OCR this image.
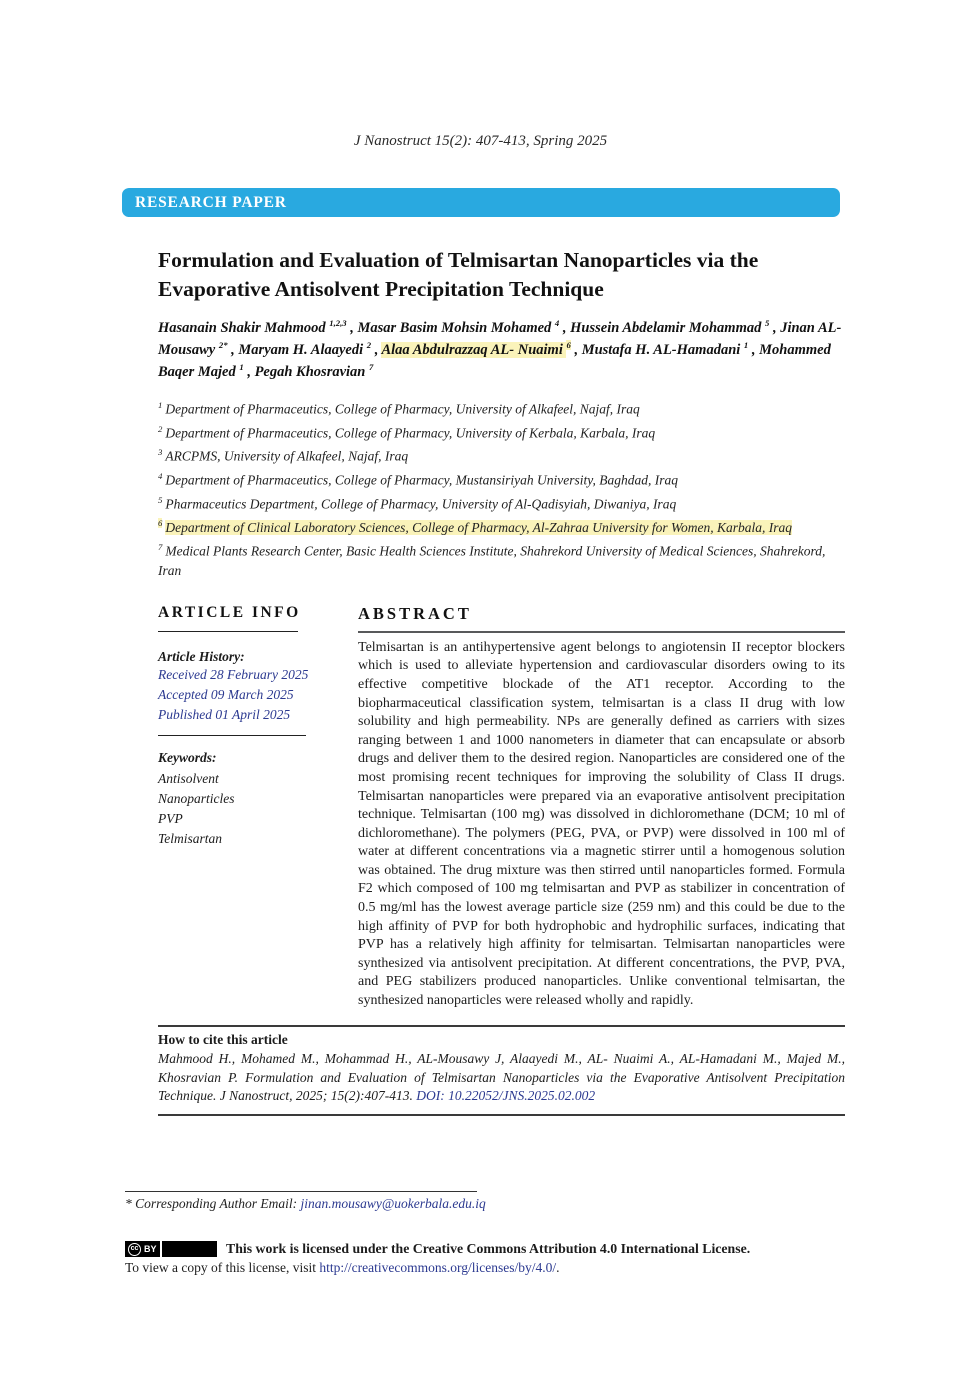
J Nanostruct 15(2): 407-413, Spring 2025
RESEARCH PAPER
Formulation and Evaluation of Telmisartan Nanoparticles via the Evaporative Antisolvent Precipitation Technique
Hasanain Shakir Mahmood $^{1,2,3}$ , Masar Basim Mohsin Mohamed $^4$ , Hussein Abdelamir Mohammad $^5$ , Jinan AL-Mousawy $^{2*}$ , Maryam H. Alaayedi $^2$ , Alaa Abdulrazzaq AL- Nuaimi $^6$ , Mustafa H. AL-Hamadani $^1$ , Mohammed Baqer Majed $^1$ , Pegah Khosravian $^7$
$^1$ Department of Pharmaceutics, College of Pharmacy, University of Alkafeel, Najaf, Iraq
$^2$ Department of Pharmaceutics, College of Pharmacy, University of Kerbala, Karbala, Iraq
$^3$ ARCPMS, University of Alkafeel, Najaf, Iraq
$^4$ Department of Pharmaceutics, College of Pharmacy, Mustansiriyah University, Baghdad, Iraq
$^5$ Pharmaceutics Department, College of Pharmacy, University of Al-Qadisyiah, Diwaniya, Iraq
$^6$ Department of Clinical Laboratory Sciences, College of Pharmacy, Al-Zahraa University for Women, Karbala, Iraq
$^7$ Medical Plants Research Center, Basic Health Sciences Institute, Shahrekord University of Medical Sciences, Shahrekord, Iran
ARTICLE INFO
Article History:
Received 28 February 2025
Accepted 09 March 2025
Published 01 April 2025
Keywords:
Antisolvent
Nanoparticles
PVP
Telmisartan
ABSTRACT

Telmisartan is an antihypertensive agent belongs to angiotensin II receptor blockers which is used to alleviate hypertension and cardiovascular disorders owing to its effective competitive blockade of the AT1 receptor. According to the biopharmaceutical classification system, telmisartan is a class II drug with low solubility and high permeability. NPs are generally defined as carriers with sizes ranging between 1 and 1000 nanometers in diameter that can encapsulate or absorb drugs and deliver them to the desired region. Nanoparticles are considered one of the most promising recent techniques for improving the solubility of Class II drugs. Telmisartan nanoparticles were prepared via an evaporative antisolvent precipitation technique. Telmisartan (100 mg) was dissolved in dichloromethane (DCM; 10 ml of dichloromethane). The polymers (PEG, PVA, or PVP) were dissolved in 100 ml of water at different concentrations via a magnetic stirrer until a homogenous solution was obtained. The drug mixture was then stirred until nanoparticles formed. Formula F2 which composed of 100 mg telmisartan and PVP as stabilizer in concentration of 0.5 mg/ml has the lowest average particle size (259 nm) and this could be due to the high affinity of PVP for both hydrophobic and hydrophilic surfaces, indicating that PVP has a relatively high affinity for telmisartan. Telmisartan nanoparticles were synthesized via antisolvent precipitation. At different concentrations, the PVP, PVA, and PEG stabilizers produced nanoparticles. Unlike conventional telmisartan, the synthesized nanoparticles were released wholly and rapidly.

How to cite this article

Mahmood H., Mohamed M., Mohammad H., AL-Mousawy J, Alaayedi M., AL- Nuaimi A., AL-Hamadani M., Majed M., Khosravian P. Formulation and Evaluation of Telmisartan Nanoparticles via the Evaporative Antisolvent Precipitation Technique. J Nanostruct, 2025; 15(2):407-413. DOI: 10.22052/JNS.2025.02.002

* Corresponding Author Email: jinan.mousawy@uokerbala.edu.iq
cc BY	This work is licensed under the Creative Commons Attribution 4.0 International License.
To view a copy of this license, visit http://creativecommons.org/licenses/by/4.0/.
